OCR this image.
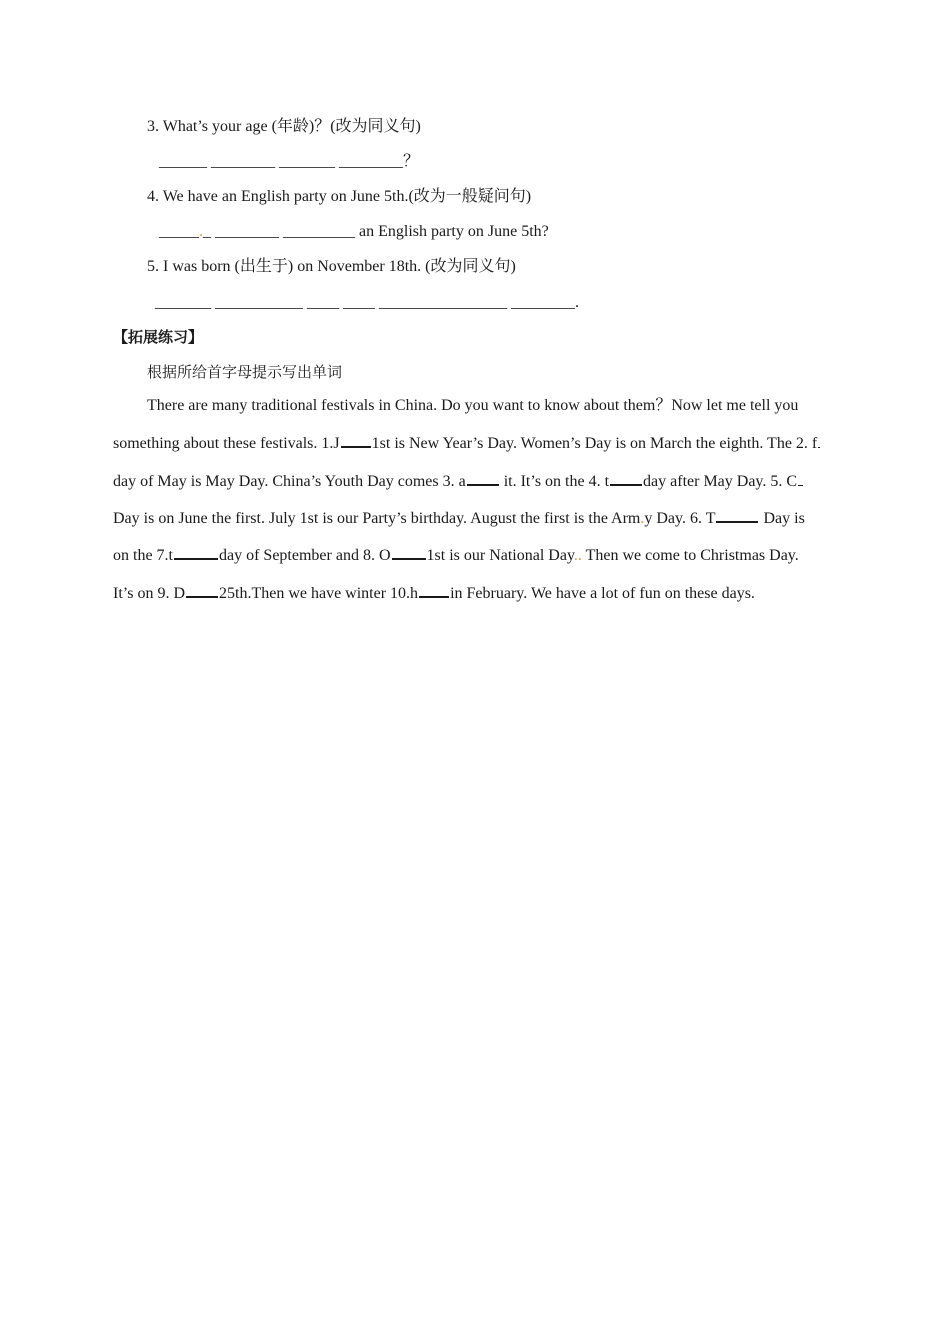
3. What’s your age (年龄)？(改为同义句)
______ ________ _______ ________？
4. We have an English party on June 5th.(改为一般疑问句)
_____._ ________ _________ an English party on June 5th?
5. I was born (出生于) on November 18th. (改为同义句)
_______ ___________ ____ ____ ________________ ________.
【拓展练习】
根据所给首字母提示写出单词
There are many traditional festivals in China. Do you want to know about them？Now let me tell you
something about these festivals. 1.J 1st is New Year’s Day. Women’s Day is on March the eighth. The 2. f
day of May is May Day. China’s Youth Day comes 3. a it. It’s on the 4. t day after May Day. 5. C
Day is on June the first. July 1st is our Party’s birthday. August the first is the Arm.y Day. 6. T	Day is
on the 7.t	day of September and 8. O 1st is our National Day.. Then we come to Christmas Day.
It’s on 9. D 25th.Then we have winter 10.h in February. We have a lot of fun on these days.
